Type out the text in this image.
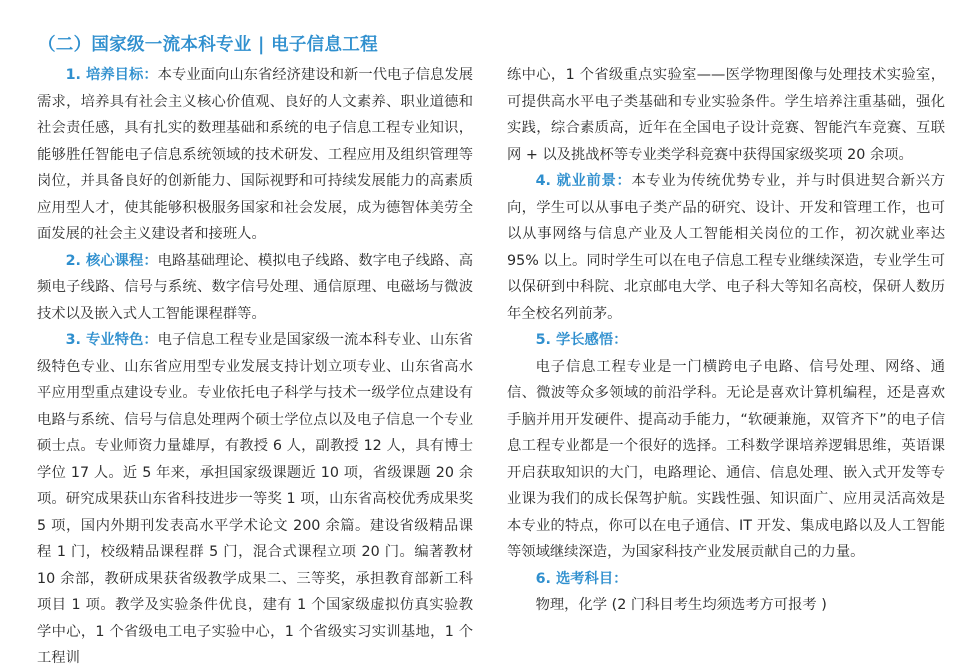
（二）国家级一流本科专业 | 电子信息工程

1. 培养目标：本专业面向山东省经济建设和新一代电子信息发展需求，培养具有社会主义核心价值观、良好的人文素养、职业道德和社会责任感，具有扎实的数理基础和系统的电子信息工程专业知识，能够胜任智能电子信息系统领域的技术研发、工程应用及组织管理等岗位，并具备良好的创新能力、国际视野和可持续发展能力的高素质应用型人才，使其能够积极服务国家和社会发展，成为德智体美劳全面发展的社会主义建设者和接班人。

2. 核心课程：电路基础理论、模拟电子线路、数字电子线路、高频电子线路、信号与系统、数字信号处理、通信原理、电磁场与微波技术以及嵌入式人工智能课程群等。

3. 专业特色：电子信息工程专业是国家级一流本科专业、山东省级特色专业、山东省应用型专业发展支持计划立项专业、山东省高水平应用型重点建设专业。专业依托电子科学与技术一级学位点建设有电路与系统、信号与信息处理两个硕士学位点以及电子信息一个专业硕士点。专业师资力量雄厚，有教授 6 人，副教授 12 人，具有博士学位 17 人。近 5 年来，承担国家级课题近 10 项，省级课题 20 余项。研究成果获山东省科技进步一等奖 1 项，山东省高校优秀成果奖 5 项，国内外期刊发表高水平学术论文 200 余篇。建设省级精品课程 1 门，校级精品课程群 5 门，混合式课程立项 20 门。编著教材 10 余部，教研成果获省级教学成果二、三等奖，承担教育部新工科项目 1 项。教学及实验条件优良，建有 1 个国家级虚拟仿真实验教学中心，1 个省级电工电子实验中心，1 个省级实习实训基地，1 个工程训

练中心，1 个省级重点实验室——医学物理图像与处理技术实验室，可提供高水平电子类基础和专业实验条件。学生培养注重基础，强化实践，综合素质高，近年在全国电子设计竞赛、智能汽车竞赛、互联网 + 以及挑战杯等专业类学科竞赛中获得国家级奖项 20 余项。

4. 就业前景：本专业为传统优势专业，并与时俱进契合新兴方向，学生可以从事电子类产品的研究、设计、开发和管理工作，也可以从事网络与信息产业及人工智能相关岗位的工作，初次就业率达 95% 以上。同时学生可以在电子信息工程专业继续深造，专业学生可以保研到中科院、北京邮电大学、电子科大等知名高校，保研人数历年全校名列前茅。

5. 学长感悟：

电子信息工程专业是一门横跨电子电路、信号处理、网络、通信、微波等众多领域的前沿学科。无论是喜欢计算机编程，还是喜欢手脑并用开发硬件、提高动手能力，“软硬兼施，双管齐下”的电子信息工程专业都是一个很好的选择。工科数学课培养逻辑思维，英语课开启获取知识的大门，电路理论、通信、信息处理、嵌入式开发等专业课为我们的成长保驾护航。实践性强、知识面广、应用灵活高效是本专业的特点，你可以在电子通信、IT 开发、集成电路以及人工智能等领域继续深造，为国家科技产业发展贡献自己的力量。

6. 选考科目：

物理，化学 (2 门科目考生均须选考方可报考 )
